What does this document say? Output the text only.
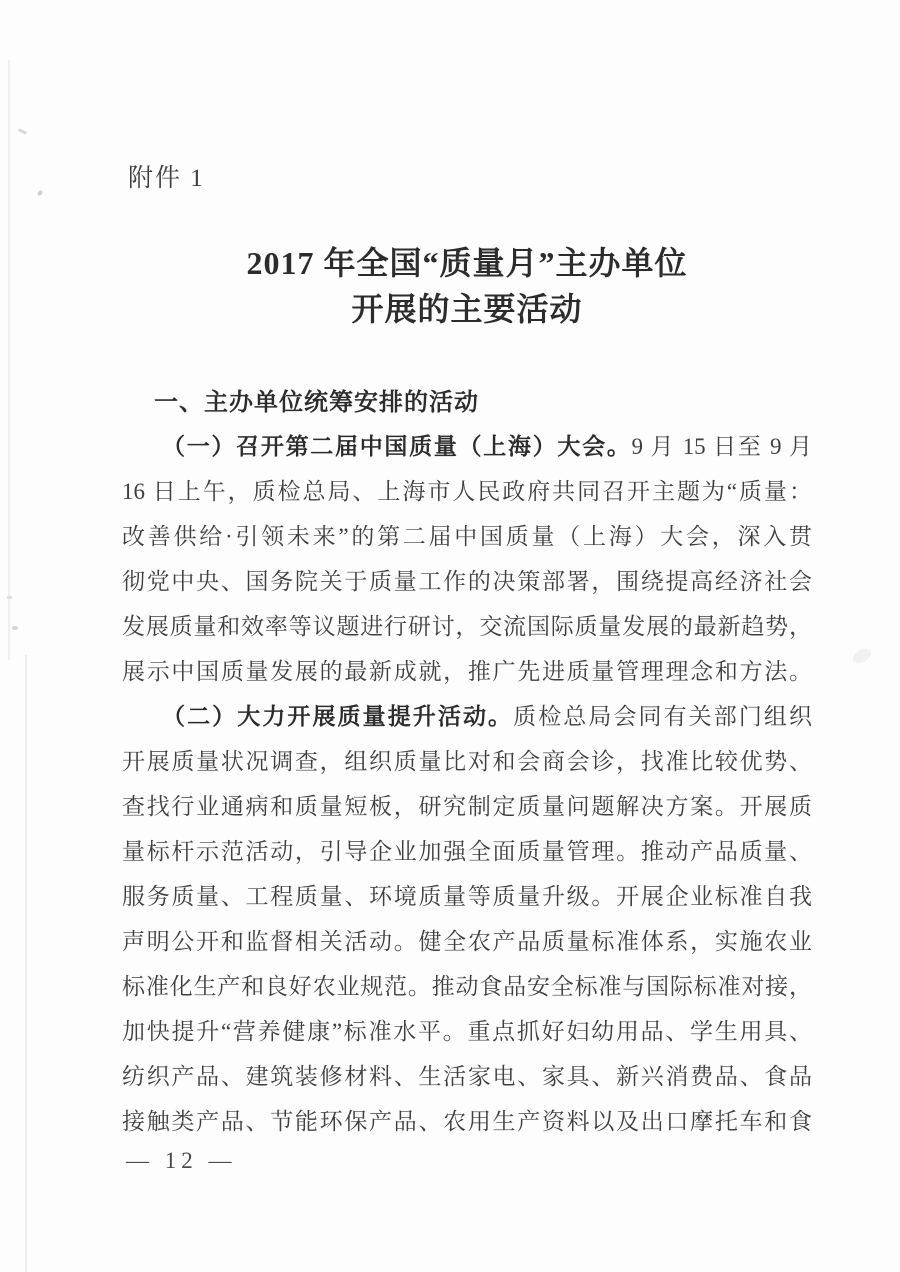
附件 1
2017 年全国“质量月”主办单位
开展的主要活动
一、主办单位统筹安排的活动
（一）召开第二届中国质量（上海）大会。9 月 15 日至 9 月
16 日上午，质检总局、上海市人民政府共同召开主题为“质量：
改善供给·引领未来”的第二届中国质量（上海）大会，深入贯
彻党中央、国务院关于质量工作的决策部署，围绕提高经济社会
发展质量和效率等议题进行研讨，交流国际质量发展的最新趋势，
展示中国质量发展的最新成就，推广先进质量管理理念和方法。
（二）大力开展质量提升活动。质检总局会同有关部门组织
开展质量状况调查，组织质量比对和会商会诊，找准比较优势、
查找行业通病和质量短板，研究制定质量问题解决方案。开展质
量标杆示范活动，引导企业加强全面质量管理。推动产品质量、
服务质量、工程质量、环境质量等质量升级。开展企业标准自我
声明公开和监督相关活动。健全农产品质量标准体系，实施农业
标准化生产和良好农业规范。推动食品安全标准与国际标准对接，
加快提升“营养健康”标准水平。重点抓好妇幼用品、学生用具、
纺织产品、建筑装修材料、生活家电、家具、新兴消费品、食品
接触类产品、节能环保产品、农用生产资料以及出口摩托车和食
— 12 —
